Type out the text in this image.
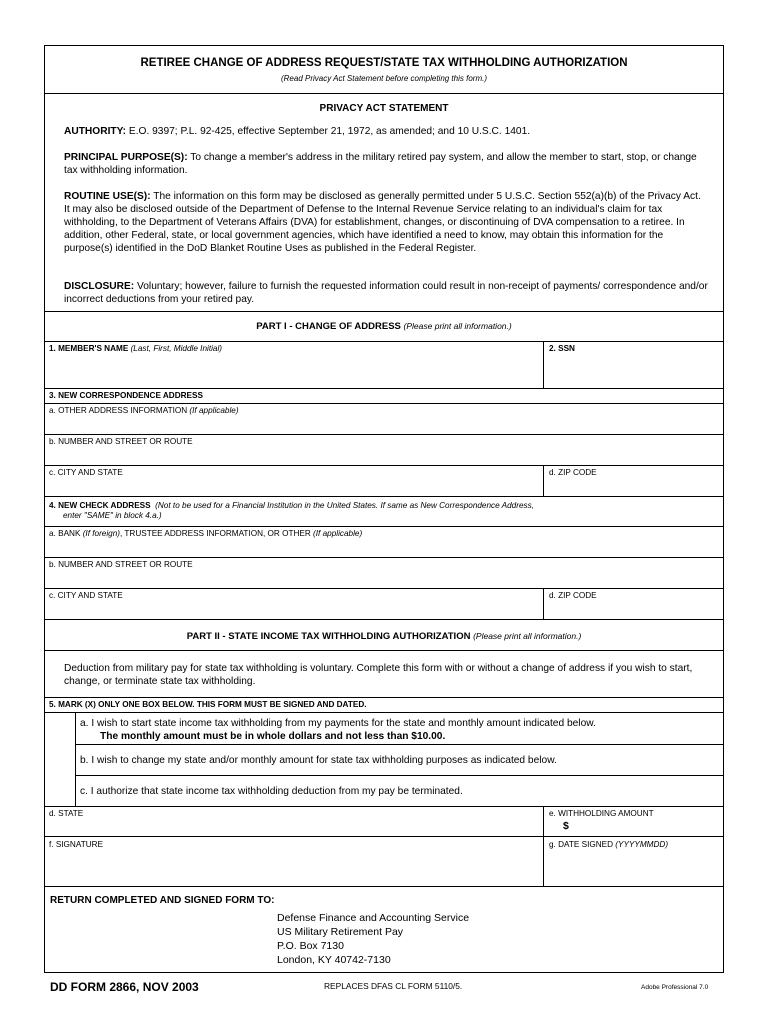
RETIREE CHANGE OF ADDRESS REQUEST/STATE TAX WITHHOLDING AUTHORIZATION
(Read Privacy Act Statement before completing this form.)
PRIVACY ACT STATEMENT
AUTHORITY: E.O. 9397; P.L. 92-425, effective September 21, 1972, as amended; and 10 U.S.C. 1401.
PRINCIPAL PURPOSE(S): To change a member's address in the military retired pay system, and allow the member to start, stop, or change tax withholding information.
ROUTINE USE(S): The information on this form may be disclosed as generally permitted under 5 U.S.C. Section 552(a)(b) of the Privacy Act. It may also be disclosed outside of the Department of Defense to the Internal Revenue Service relating to an individual's claim for tax withholding, to the Department of Veterans Affairs (DVA) for establishment, changes, or discontinuing of DVA compensation to a retiree. In addition, other Federal, state, or local government agencies, which have identified a need to know, may obtain this information for the purpose(s) identified in the DoD Blanket Routine Uses as published in the Federal Register.
DISCLOSURE: Voluntary; however, failure to furnish the requested information could result in non-receipt of payments/ correspondence and/or incorrect deductions from your retired pay.
PART I - CHANGE OF ADDRESS (Please print all information.)
1. MEMBER'S NAME (Last, First, Middle Initial)	2. SSN
3. NEW CORRESPONDENCE ADDRESS
a. OTHER ADDRESS INFORMATION (If applicable)
b. NUMBER AND STREET OR ROUTE
c. CITY AND STATE	d. ZIP CODE
4. NEW CHECK ADDRESS (Not to be used for a Financial Institution in the United States. If same as New Correspondence Address,
enter "SAME" in block 4.a.)
a. BANK (If foreign), TRUSTEE ADDRESS INFORMATION, OR OTHER (If applicable)
b. NUMBER AND STREET OR ROUTE
c. CITY AND STATE	d. ZIP CODE
PART II - STATE INCOME TAX WITHHOLDING AUTHORIZATION (Please print all information.)
Deduction from military pay for state tax withholding is voluntary. Complete this form with or without a change of address if you wish to start, change, or terminate state tax withholding.
5. MARK (X) ONLY ONE BOX BELOW. THIS FORM MUST BE SIGNED AND DATED.
a. I wish to start state income tax withholding from my payments for the state and monthly amount indicated below.
The monthly amount must be in whole dollars and not less than $10.00.
b. I wish to change my state and/or monthly amount for state tax withholding purposes as indicated below.
c. I authorize that state income tax withholding deduction from my pay be terminated.
d. STATE	e. WITHHOLDING AMOUNT
$
f. SIGNATURE	g. DATE SIGNED (YYYYMMDD)
RETURN COMPLETED AND SIGNED FORM TO:
Defense Finance and Accounting Service
US Military Retirement Pay
P.O. Box 7130
London, KY 40742-7130
DD FORM 2866, NOV 2003	REPLACES DFAS CL FORM 5110/5.	Adobe Professional 7.0
